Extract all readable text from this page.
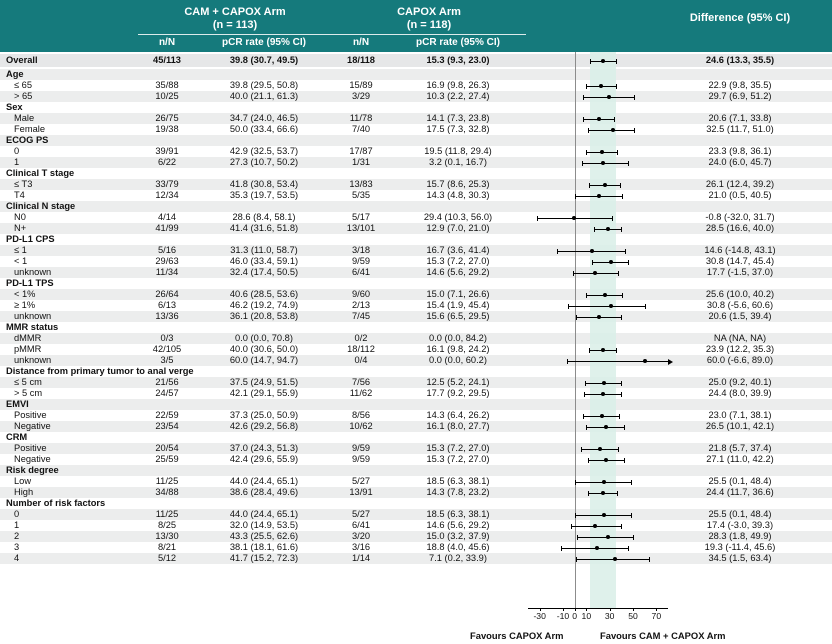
CAM + CAPOX Arm
(n = 113)
CAPOX Arm
(n = 118)
Difference (95% CI)
n/N	pCR rate (95% CI)	n/N	pCR rate (95% CI)
Overall	45/113	39.8 (30.7, 49.5)	18/118	15.3 (9.3, 23.0)	24.6 (13.3, 35.5)
Age
≤ 65	35/88	39.8 (29.5, 50.8)	15/89	16.9 (9.8, 26.3)	22.9 (9.8, 35.5)
> 65	10/25	40.0 (21.1, 61.3)	3/29	10.3 (2.2, 27.4)	29.7 (6.9, 51.2)
Sex
Male	26/75	34.7 (24.0, 46.5)	11/78	14.1 (7.3, 23.8)	20.6 (7.1, 33.8)
Female	19/38	50.0 (33.4, 66.6)	7/40	17.5 (7.3, 32.8)	32.5 (11.7, 51.0)
ECOG PS
0	39/91	42.9 (32.5, 53.7)	17/87	19.5 (11.8, 29.4)	23.3 (9.8, 36.1)
1	6/22	27.3 (10.7, 50.2)	1/31	3.2 (0.1, 16.7)	24.0 (6.0, 45.7)
Clinical T stage
≤ T3	33/79	41.8 (30.8, 53.4)	13/83	15.7 (8.6, 25.3)	26.1 (12.4, 39.2)
T4	12/34	35.3 (19.7, 53.5)	5/35	14.3 (4.8, 30.3)	21.0 (0.5, 40.5)
Clinical N stage
N0	4/14	28.6 (8.4, 58.1)	5/17	29.4 (10.3, 56.0)	-0.8 (-32.0, 31.7)
N+	41/99	41.4 (31.6, 51.8)	13/101	12.9 (7.0, 21.0)	28.5 (16.6, 40.0)
PD-L1 CPS
≤ 1	5/16	31.3 (11.0, 58.7)	3/18	16.7 (3.6, 41.4)	14.6 (-14.8, 43.1)
< 1	29/63	46.0 (33.4, 59.1)	9/59	15.3 (7.2, 27.0)	30.8 (14.7, 45.4)
unknown	11/34	32.4 (17.4, 50.5)	6/41	14.6 (5.6, 29.2)	17.7 (-1.5, 37.0)
PD-L1 TPS
< 1%	26/64	40.6 (28.5, 53.6)	9/60	15.0 (7.1, 26.6)	25.6 (10.0, 40.2)
≥ 1%	6/13	46.2 (19.2, 74.9)	2/13	15.4 (1.9, 45.4)	30.8 (-5.6, 60.6)
unknown	13/36	36.1 (20.8, 53.8)	7/45	15.6 (6.5, 29.5)	20.6 (1.5, 39.4)
MMR status
dMMR	0/3	0.0 (0.0, 70.8)	0/2	0.0 (0.0, 84.2)	NA (NA, NA)
pMMR	42/105	40.0 (30.6, 50.0)	18/112	16.1 (9.8, 24.2)	23.9 (12.2, 35.3)
unknown	3/5	60.0 (14.7, 94.7)	0/4	0.0 (0.0, 60.2)	60.0 (-6.6, 89.0)
Distance from primary tumor to anal verge
≤ 5 cm	21/56	37.5 (24.9, 51.5)	7/56	12.5 (5.2, 24.1)	25.0 (9.2, 40.1)
> 5 cm	24/57	42.1 (29.1, 55.9)	11/62	17.7 (9.2, 29.5)	24.4 (8.0, 39.9)
EMVI
Positive	22/59	37.3 (25.0, 50.9)	8/56	14.3 (6.4, 26.2)	23.0 (7.1, 38.1)
Negative	23/54	42.6 (29.2, 56.8)	10/62	16.1 (8.0, 27.7)	26.5 (10.1, 42.1)
CRM
Positive	20/54	37.0 (24.3, 51.3)	9/59	15.3 (7.2, 27.0)	21.8 (5.7, 37.4)
Negative	25/59	42.4 (29.6, 55.9)	9/59	15.3 (7.2, 27.0)	27.1 (11.0, 42.2)
Risk degree
Low	11/25	44.0 (24.4, 65.1)	5/27	18.5 (6.3, 38.1)	25.5 (0.1, 48.4)
High	34/88	38.6 (28.4, 49.6)	13/91	14.3 (7.8, 23.2)	24.4 (11.7, 36.6)
Number of risk factors
0	11/25	44.0 (24.4, 65.1)	5/27	18.5 (6.3, 38.1)	25.5 (0.1, 48.4)
1	8/25	32.0 (14.9, 53.5)	6/41	14.6 (5.6, 29.2)	17.4 (-3.0, 39.3)
2	13/30	43.3 (25.5, 62.6)	3/20	15.0 (3.2, 37.9)	28.3 (1.8, 49.9)
3	8/21	38.1 (18.1, 61.6)	3/16	18.8 (4.0, 45.6)	19.3 (-11.4, 45.6)
4	5/12	41.7 (15.2, 72.3)	1/14	7.1 (0.2, 33.9)	34.5 (1.5, 63.4)
-30 -10 0 10 30 50 70
Favours CAPOX Arm	Favours CAM + CAPOX Arm
